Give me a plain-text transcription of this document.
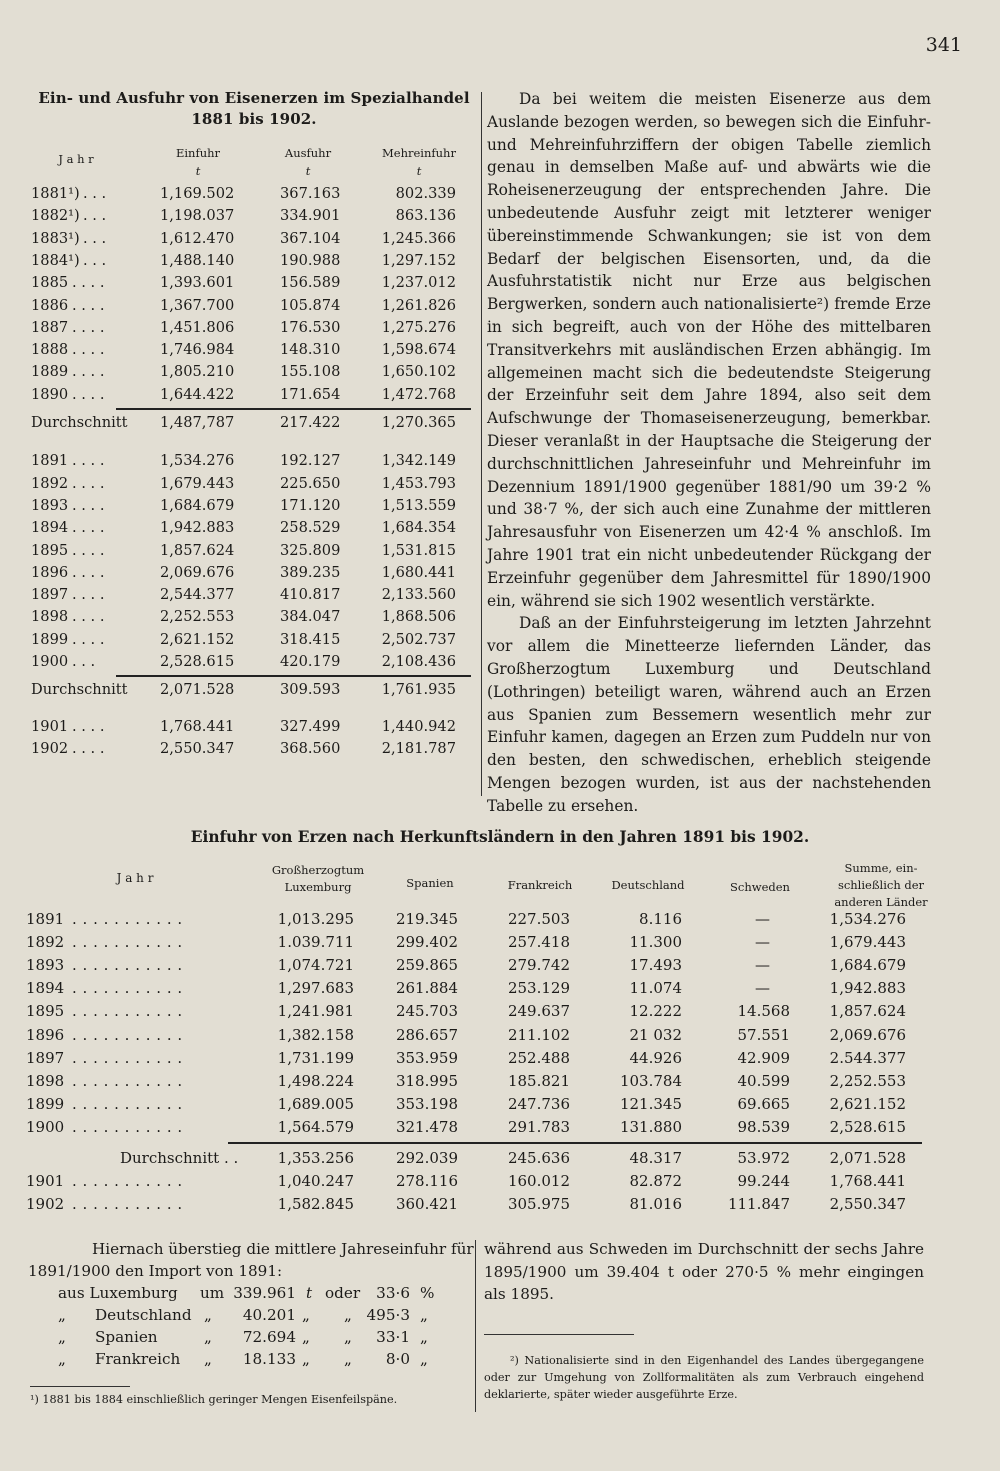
341
Ein- und Ausfuhr von Eisenerzen im Spezialhandel
1881 bis 1902.
J a h r	Einfuhr
t
Ausfuhr
t
Mehreinfuhr
t
1881¹) . . .	1,169.502	367.163	802.339
1882¹) . . .	1,198.037	334.901	863.136
1883¹) . . .	1,612.470	367.104	1,245.366
1884¹) . . .	1,488.140	190.988	1,297.152
1885 . . . .	1,393.601	156.589	1,237.012
1886 . . . .	1,367.700	105.874	1,261.826
1887 . . . .	1,451.806	176.530	1,275.276
1888 . . . .	1,746.984	148.310	1,598.674
1889 . . . .	1,805.210	155.108	1,650.102
1890 . . . .	1,644.422	171.654	1,472.768
Durchschnitt 1,487,787	217.422	1,270.365
1891 . . . .	1,534.276	192.127	1,342.149
1892 . . . .	1,679.443	225.650	1,453.793
1893 . . . .	1,684.679	171.120	1,513.559
1894 . . . .	1,942.883	258.529	1,684.354
1895 . . . .	1,857.624	325.809	1,531.815
1896 . . . .	2,069.676	389.235	1,680.441
1897 . . . .	2,544.377	410.817	2,133.560
1898 . . . .	2,252.553	384.047	1,868.506
1899 . . . .	2,621.152	318.415	2,502.737
1900 . . .	2,528.615	420.179	2,108.436
Durchschnitt 2,071.528	309.593	1,761.935
1901 . . . .	1,768.441	327.499	1,440.942
1902 . . . .	2,550.347	368.560	2,181.787

Da bei weitem die meisten Eisenerze aus dem Auslande bezogen werden, so bewegen sich die Einfuhr- und Mehreinfuhrziffern der obigen Tabelle ziemlich genau in demselben Maße auf- und abwärts wie die Roheisenerzeugung der entsprechenden Jahre. Die unbedeutende Ausfuhr zeigt mit letzterer weniger übereinstimmende Schwankungen; sie ist von dem Bedarf der belgischen Eisensorten, und, da die Ausfuhrstatistik nicht nur Erze aus belgischen Bergwerken, sondern auch nationalisierte²) fremde Erze in sich begreift, auch von der Höhe des mittelbaren Transitverkehrs mit ausländischen Erzen abhängig. Im allgemeinen macht sich die bedeutendste Steigerung der Erzeinfuhr seit dem Jahre 1894, also seit dem Aufschwunge der Thomaseisenerzeugung, bemerkbar. Dieser veranlaßt in der Hauptsache die Steigerung der durchschnittlichen Jahreseinfuhr und Mehreinfuhr im Dezennium 1891/1900 gegenüber 1881/90 um 39·2 % und 38·7 %, der sich auch eine Zunahme der mittleren Jahresausfuhr von Eisenerzen um 42·4 % anschloß. Im Jahre 1901 trat ein nicht unbedeutender Rückgang der Erzeinfuhr gegenüber dem Jahresmittel für 1890/1900 ein, während sie sich 1902 wesentlich verstärkte.

Daß an der Einfuhrsteigerung im letzten Jahrzehnt vor allem die Minetteerze liefernden Länder, das Großherzogtum Luxemburg und Deutschland (Lothringen) beteiligt waren, während auch an Erzen aus Spanien zum Bessemern wesentlich mehr zur Einfuhr kamen, dagegen an Erzen zum Puddeln nur von den besten, den schwedischen, erheblich steigende Mengen bezogen wurden, ist aus der nachstehenden Tabelle zu ersehen.

Einfuhr von Erzen nach Herkunftsländern in den Jahren 1891 bis 1902.
J a h r
Großherzogtum
Luxemburg	Spanien	Frankreich	Deutschland	Schweden
Summe, ein-
schließlich der
anderen Länder
1891 . . . . . . . . . . .	1,013.295	219.345	227.503	8.116	—	1,534.276
1892 . . . . . . . . . . .	1.039.711	299.402	257.418	11.300	—	1,679.443
1893 . . . . . . . . . . .	1,074.721	259.865	279.742	17.493	—	1,684.679
1894 . . . . . . . . . . .	1,297.683	261.884	253.129	11.074	—	1,942.883
1895 . . . . . . . . . . .	1,241.981	245.703	249.637	12.222	14.568	1,857.624
1896 . . . . . . . . . . .	1,382.158	286.657	211.102	21 032	57.551	2,069.676
1897 . . . . . . . . . . .	1,731.199	353.959	252.488	44.926	42.909	2.544.377
1898 . . . . . . . . . . .	1,498.224	318.995	185.821	103.784	40.599	2,252.553
1899 . . . . . . . . . . .	1,689.005	353.198	247.736	121.345	69.665	2,621.152
1900 . . . . . . . . . . .	1,564.579	321.478	291.783	131.880	98.539	2,528.615
Durchschnitt . .	1,353.256	292.039	245.636	48.317	53.972	2,071.528
1901 . . . . . . . . . . .	1,040.247	278.116	160.012	82.872	99.244	1,768.441
1902 . . . . . . . . . . .	1,582.845	360.421	305.975	81.016	111.847	2,550.347
Hiernach überstieg die mittlere Jahreseinfuhr für
1891/1900 den Import von 1891:
aus Luxemburg um 339.961 t oder 33·6 %
„ Deutschland „ 40.201 „ „ 495·3 „
„ Spanien	„ 72.694 „ „ 33·1 „
„ Frankreich „ 18.133 „ „ 8·0 „
¹) 1881 bis 1884 einschließlich geringer Mengen Eisenfeilspäne.
während aus Schweden im Durchschnitt der sechs Jahre 1895/1900 um 39.404 t oder 270·5 % mehr eingingen als 1895.
²) Nationalisierte sind in den Eigenhandel des Landes übergegangene oder zur Umgehung von Zollformalitäten als zum Verbrauch eingehend deklarierte, später wieder ausgeführte Erze.
